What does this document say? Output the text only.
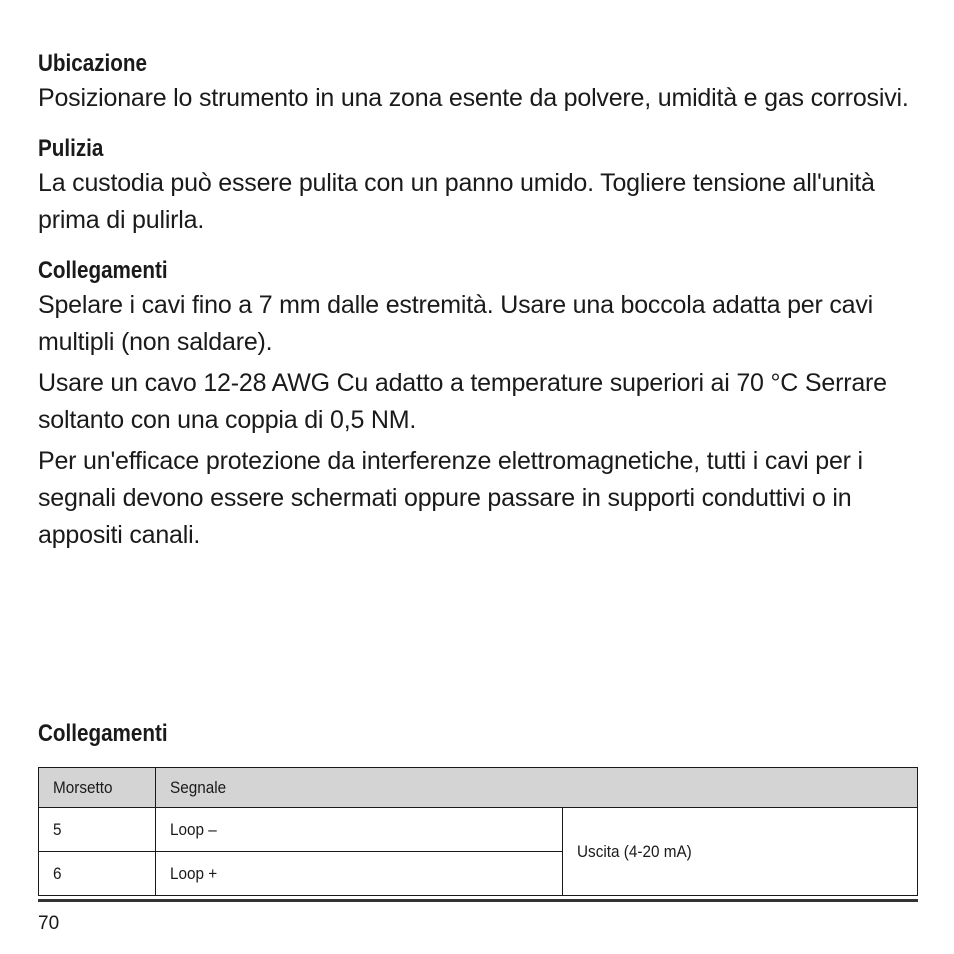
Ubicazione

Posizionare lo strumento in una zona esente da polvere, umidità e gas corrosivi.

Pulizia

La custodia può essere pulita con un panno umido. Togliere tensione all'unità prima di pulirla.

Collegamenti

Spelare i cavi fino a 7 mm dalle estremità. Usare una boccola adatta per cavi multipli (non saldare).

Usare un cavo 12-28 AWG Cu adatto a temperature superiori ai 70 °C Serrare soltanto con una coppia di 0,5 NM.

Per un'efficace protezione da interferenze elettromagnetiche, tutti i cavi per i segnali devono essere schermati oppure passare in supporti conduttivi o in appositi canali.

Collegamenti
Morsetto	Segnale	
5	Loop –	Uscita (4-20 mA)
6	Loop +	
70
